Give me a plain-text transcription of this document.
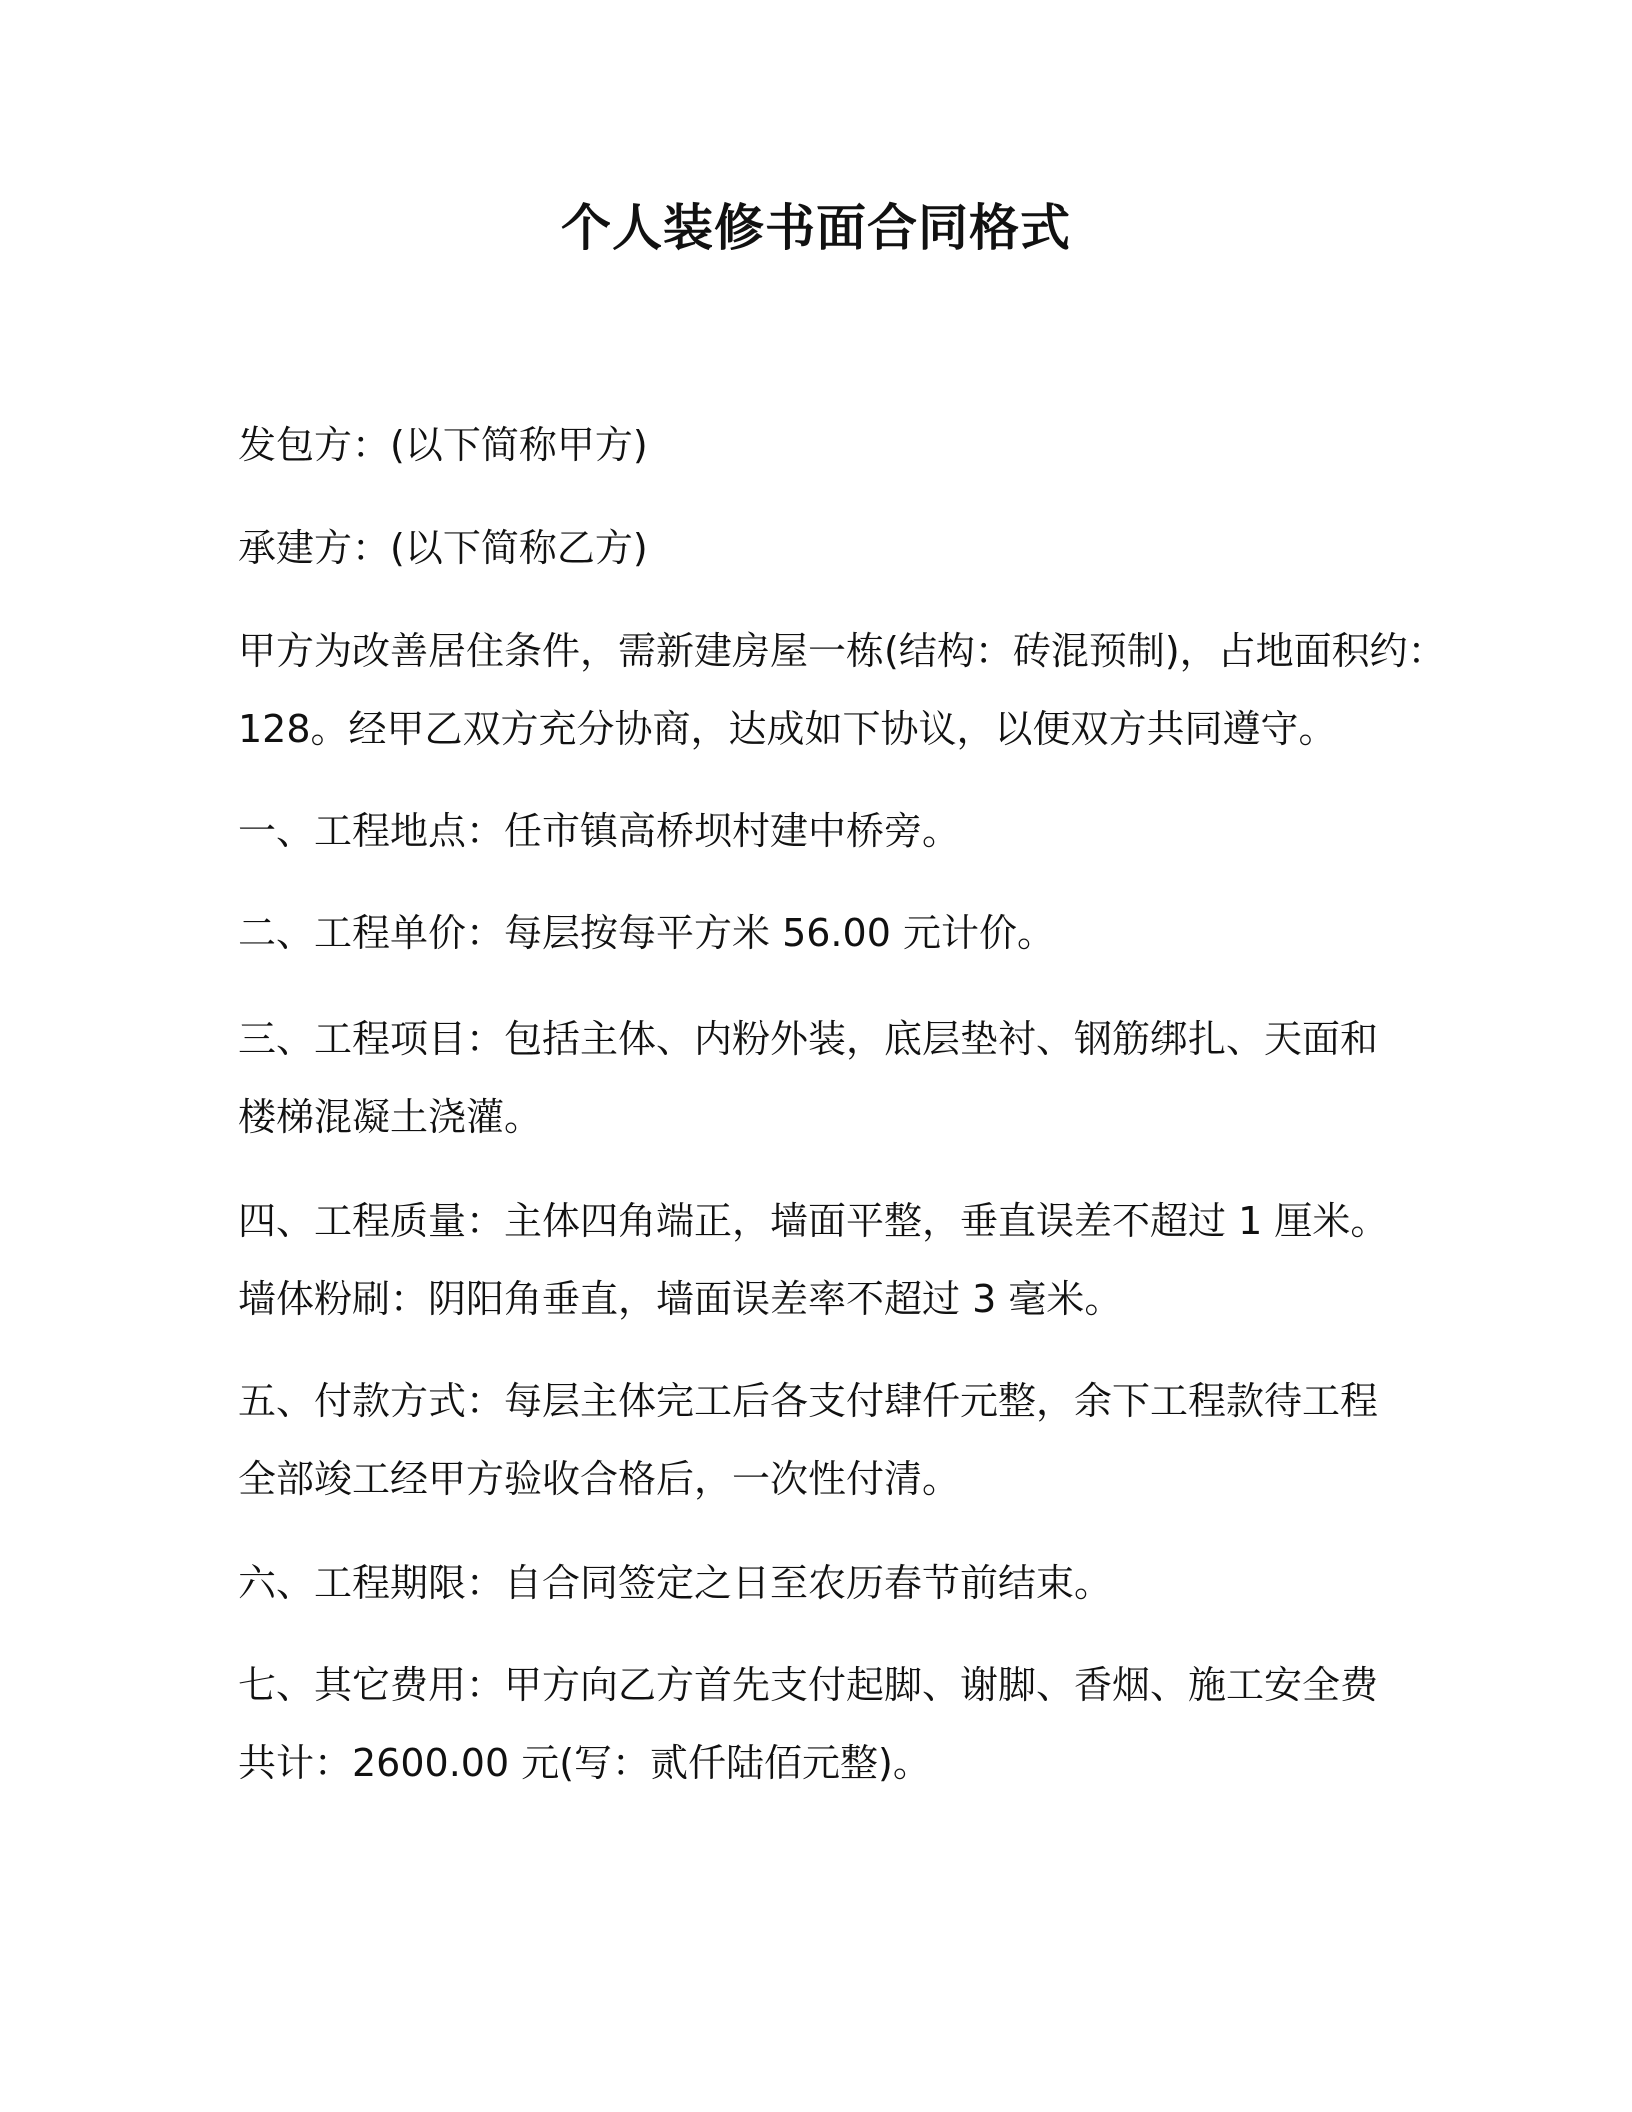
个人装修书面合同格式
发包方：(以下简称甲方)
承建方：(以下简称乙方)
甲方为改善居住条件，需新建房屋一栋(结构：砖混预制)，占地面积约：
128。经甲乙双方充分协商，达成如下协议，以便双方共同遵守。
一、工程地点：任市镇高桥坝村建中桥旁。
二、工程单价：每层按每平方米 56.00 元计价。
三、工程项目：包括主体、内粉外装，底层垫衬、钢筋绑扎、天面和
楼梯混凝土浇灌。
四、工程质量：主体四角端正，墙面平整，垂直误差不超过 1 厘米。
墙体粉刷：阴阳角垂直，墙面误差率不超过 3 毫米。
五、付款方式：每层主体完工后各支付肆仟元整，余下工程款待工程
全部竣工经甲方验收合格后，一次性付清。
六、工程期限：自合同签定之日至农历春节前结束。
七、其它费用：甲方向乙方首先支付起脚、谢脚、香烟、施工安全费
共计：2600.00 元(写：贰仟陆佰元整)。
